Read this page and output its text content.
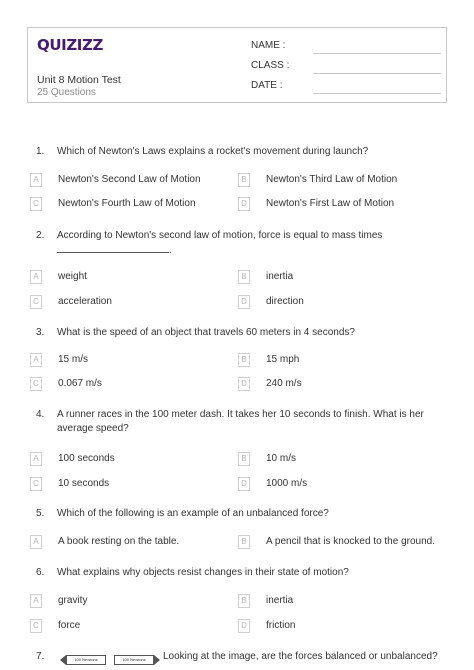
QUIZIZZ
Unit 8 Motion Test
25 Questions
NAME :
CLASS :
DATE :
1.	Which of Newton's Laws explains a rocket's movement during launch?
A	Newton's Second Law of Motion	B	Newton's Third Law of Motion
C	Newton's Fourth Law of Motion	D	Newton's First Law of Motion
2.	According to Newton's second law of motion, force is equal to mass times
.
A	weight	B	inertia
C	acceleration	D	direction
3.	What is the speed of an object that travels 60 meters in 4 seconds?
A	15 m/s	B	15 mph
C	0.067 m/s	D	240 m/s
4.	A runner races in the 100 meter dash. It takes her 10 seconds to finish. What is her average speed?
A	100 seconds	B	10 m/s
C	10 seconds	D	1000 m/s
5.	Which of the following is an example of an unbalanced force?
A	A book resting on the table.	B	A pencil that is knocked to the ground.
6.	What explains why objects resist changes in their state of motion?
A	gravity	B	inertia
C	force	D	friction
7.	Looking at the image, are the forces balanced or unbalanced?
100 Newtons	100 Newtons
